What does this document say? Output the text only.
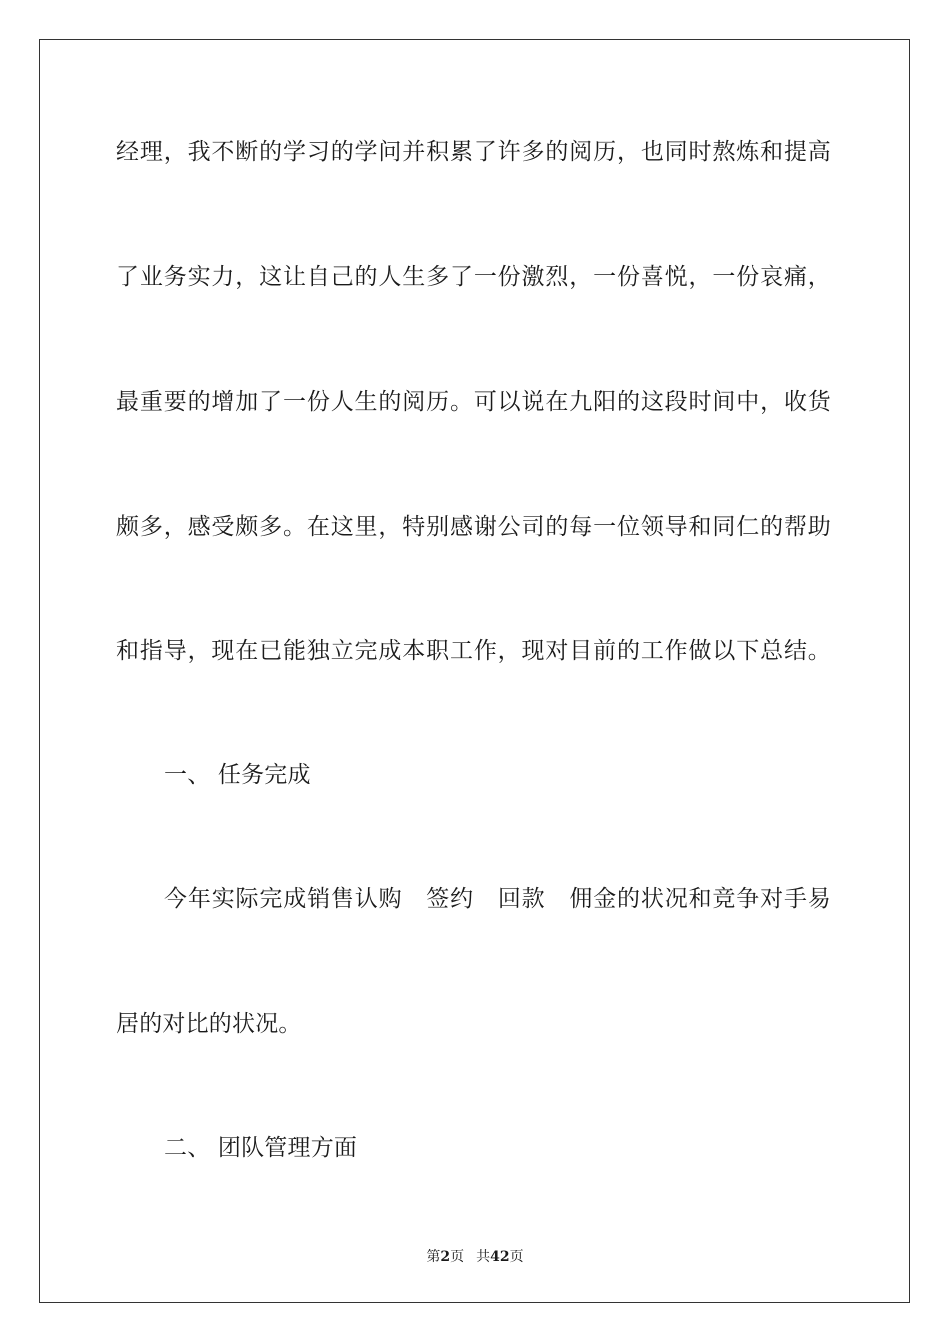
经理，我不断的学习的学问并积累了许多的阅历，也同时熬炼和提高
了业务实力，这让自己的人生多了一份激烈，一份喜悦，一份哀痛，
最重要的增加了一份人生的阅历。可以说在九阳的这段时间中，收货
颇多，感受颇多。在这里，特别感谢公司的每一位领导和同仁的帮助
和指导，现在已能独立完成本职工作，现对目前的工作做以下总结。
一、 任务完成
今年实际完成销售认购　签约　回款　佣金的状况和竞争对手易
居的对比的状况。
二、 团队管理方面
第2页 共42页
